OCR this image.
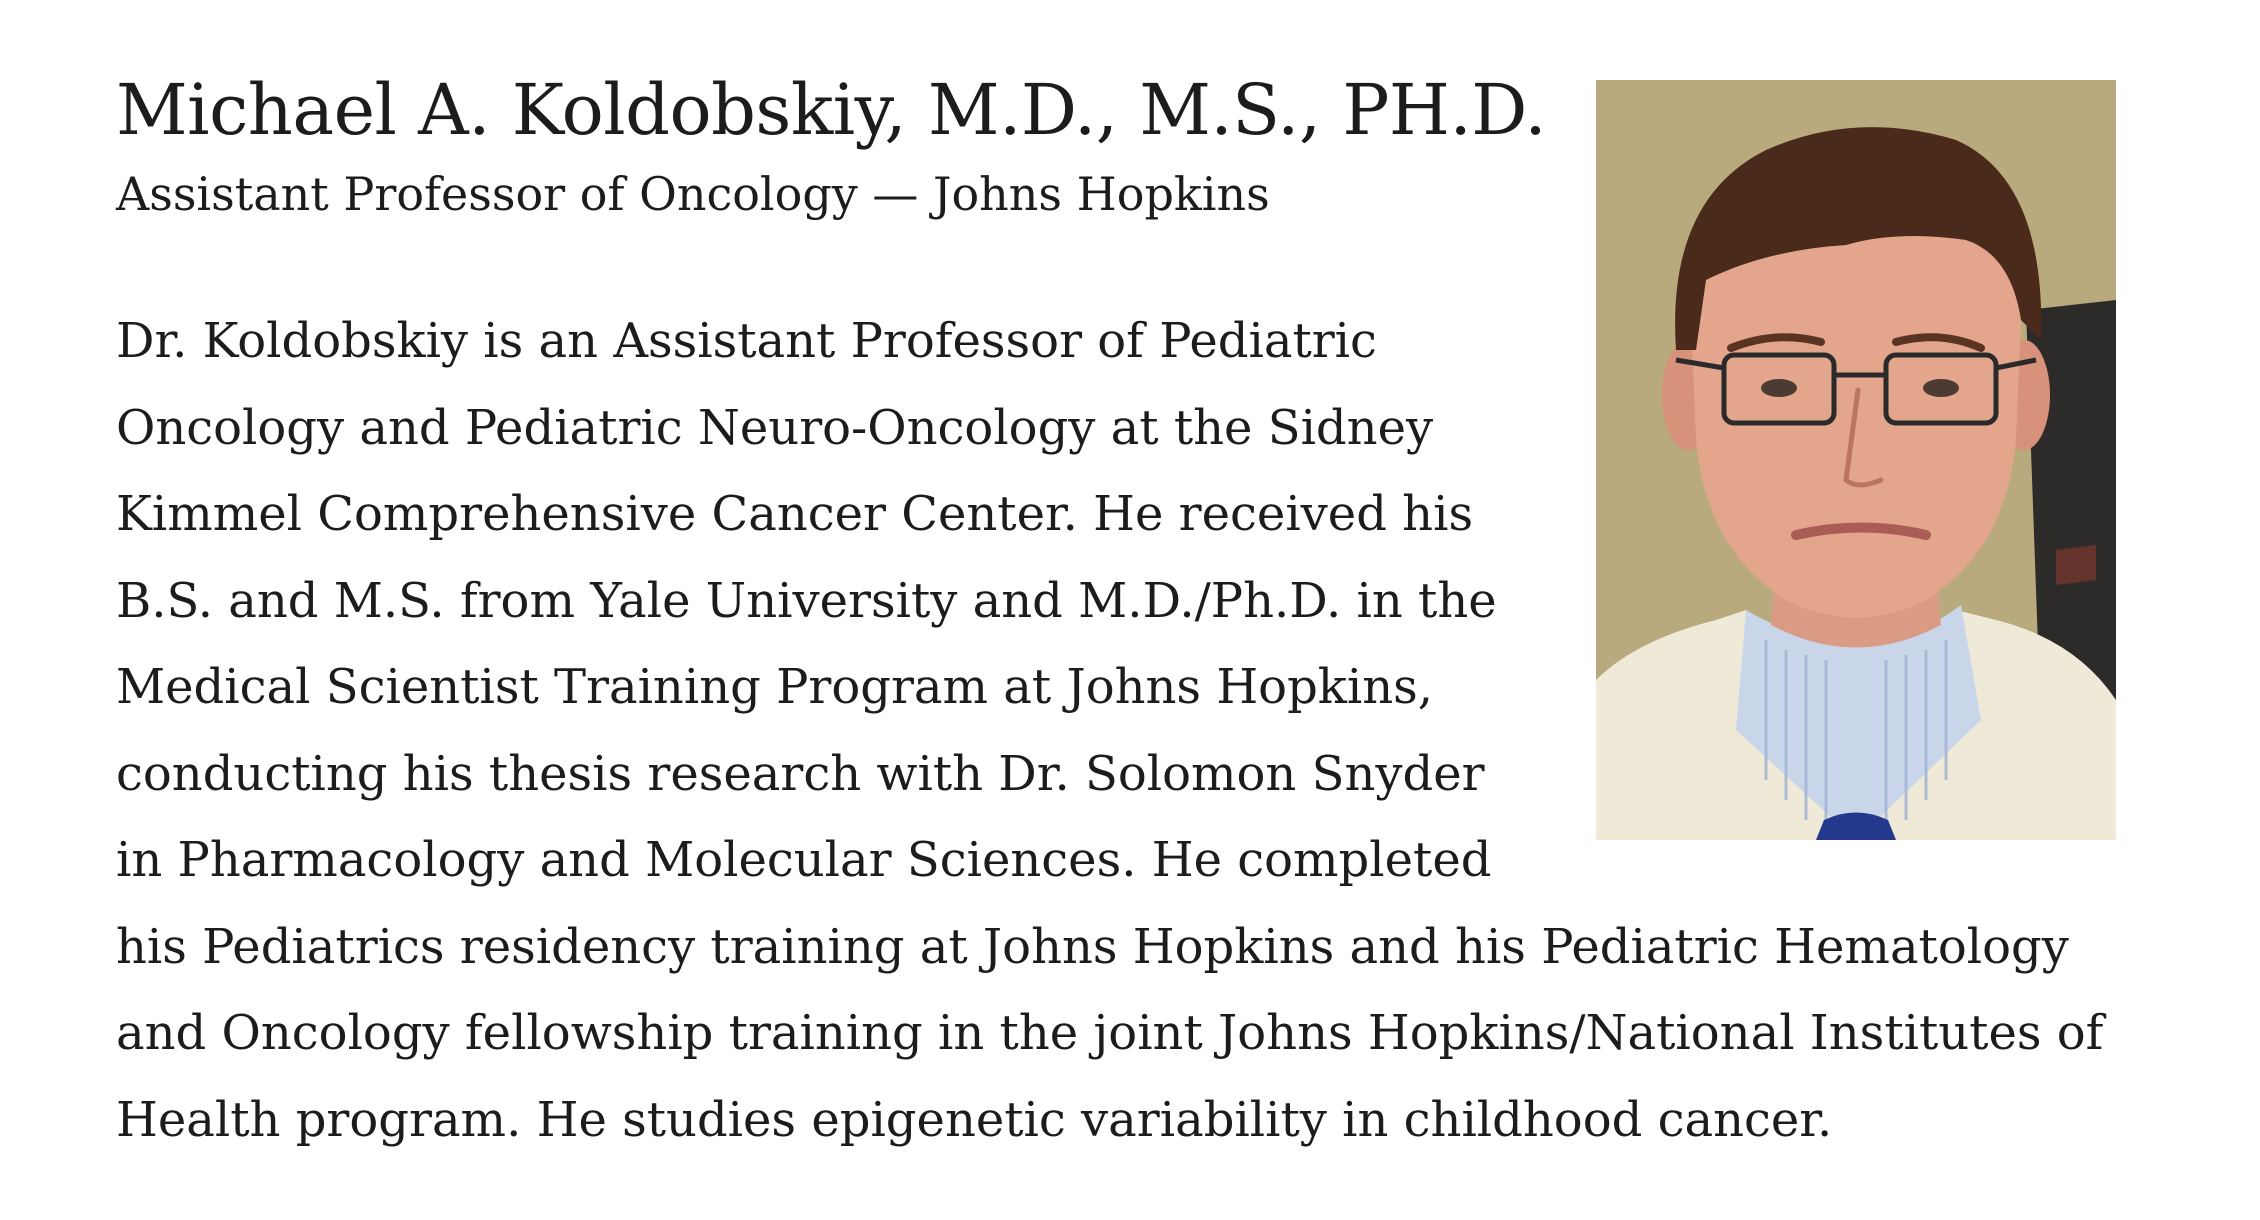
Michael A. Koldobskiy, M.D., M.S., PH.D.

Assistant Professor of Oncology — Johns Hopkins

Dr. Koldobskiy is an Assistant Professor of Pediatric
Oncology and Pediatric Neuro-Oncology at the Sidney
Kimmel Comprehensive Cancer Center. He received his
B.S. and M.S. from Yale University and M.D./Ph.D. in the
Medical Scientist Training Program at Johns Hopkins,
conducting his thesis research with Dr. Solomon Snyder
in Pharmacology and Molecular Sciences. He completed
his Pediatrics residency training at Johns Hopkins and his Pediatric Hematology
and Oncology fellowship training in the joint Johns Hopkins/National Institutes of
Health program. He studies epigenetic variability in childhood cancer.
